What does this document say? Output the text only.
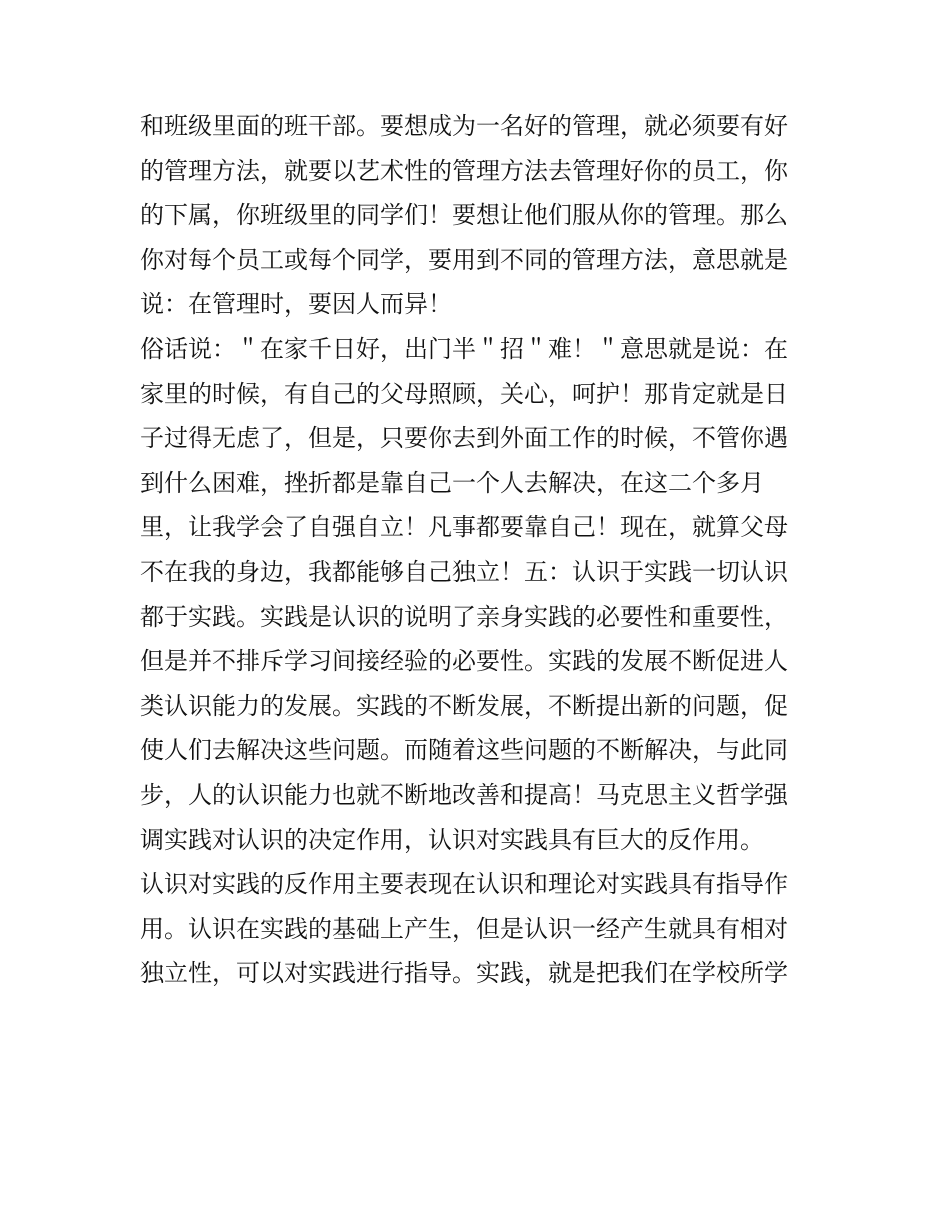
和班级里面的班干部。要想成为一名好的管理，就必须要有好
的管理方法，就要以艺术性的管理方法去管理好你的员工，你
的下属，你班级里的同学们！要想让他们服从你的管理。那么
你对每个员工或每个同学，要用到不同的管理方法，意思就是
说：在管理时，要因人而异！
俗话说：＂在家千日好，出门半＂招＂难！＂意思就是说：在
家里的时候，有自己的父母照顾，关心，呵护！那肯定就是日
子过得无虑了，但是，只要你去到外面工作的时候，不管你遇
到什么困难，挫折都是靠自己一个人去解决，在这二个多月
里，让我学会了自强自立！凡事都要靠自己！现在，就算父母
不在我的身边，我都能够自己独立！五：认识于实践一切认识
都于实践。实践是认识的说明了亲身实践的必要性和重要性，
但是并不排斥学习间接经验的必要性。实践的发展不断促进人
类认识能力的发展。实践的不断发展，不断提出新的问题，促
使人们去解决这些问题。而随着这些问题的不断解决，与此同
步，人的认识能力也就不断地改善和提高！马克思主义哲学强
调实践对认识的决定作用，认识对实践具有巨大的反作用。
认识对实践的反作用主要表现在认识和理论对实践具有指导作
用。认识在实践的基础上产生，但是认识一经产生就具有相对
独立性，可以对实践进行指导。实践，就是把我们在学校所学
